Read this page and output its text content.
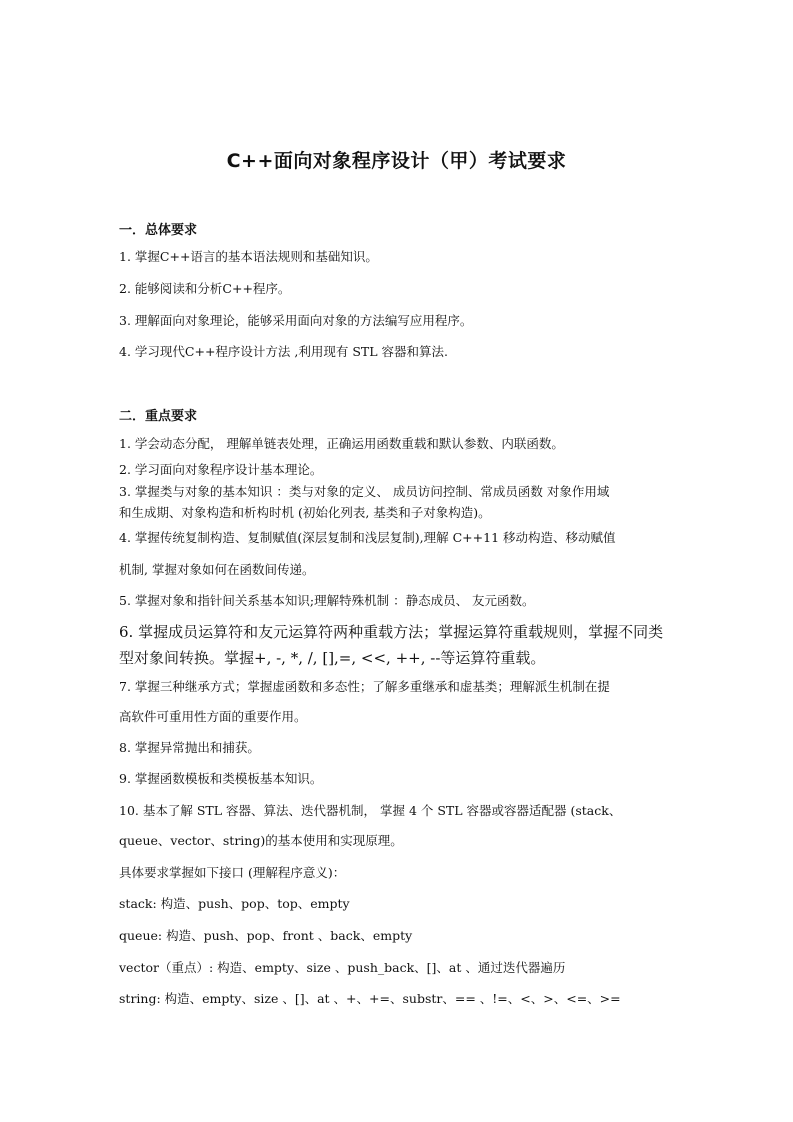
C++面向对象程序设计（甲）考试要求
一．总体要求
1. 掌握C++语言的基本语法规则和基础知识。
2. 能够阅读和分析C++程序。
3. 理解面向对象理论，能够采用面向对象的方法编写应用程序。
4. 学习现代C++程序设计方法 ,利用现有 STL 容器和算法.
二．重点要求
1. 学会动态分配， 理解单链表处理，正确运用函数重载和默认参数、内联函数。
2. 学习面向对象程序设计基本理论。
3. 掌握类与对象的基本知识 ：类与对象的定义、 成员访问控制、常成员函数 对象作用域
和生成期、对象构造和析构时机 (初始化列表, 基类和子对象构造)。
4. 掌握传统复制构造、复制赋值(深层复制和浅层复制),理解 C++11 移动构造、移动赋值
机制, 掌握对象如何在函数间传递。
5. 掌握对象和指针间关系基本知识;理解特殊机制 ：静态成员、 友元函数。
6. 掌握成员运算符和友元运算符两种重载方法；掌握运算符重载规则，掌握不同类
型对象间转换。掌握+, -, *, /, [],=, <<, ++, --等运算符重载。
7. 掌握三种继承方式；掌握虚函数和多态性；了解多重继承和虚基类；理解派生机制在提
高软件可重用性方面的重要作用。
8. 掌握异常抛出和捕获。
9. 掌握函数模板和类模板基本知识。
10. 基本了解 STL 容器、算法、迭代器机制， 掌握 4 个 STL 容器或容器适配器 (stack、
queue、vector、string)的基本使用和实现原理。
具体要求掌握如下接口 (理解程序意义)：
stack: 构造、push、pop、top、empty
queue: 构造、push、pop、front 、back、empty
vector（重点）: 构造、empty、size 、push_back、[]、at 、通过迭代器遍历
string: 构造、empty、size 、[]、at 、+、+=、substr、== 、!=、<、>、<=、>=
